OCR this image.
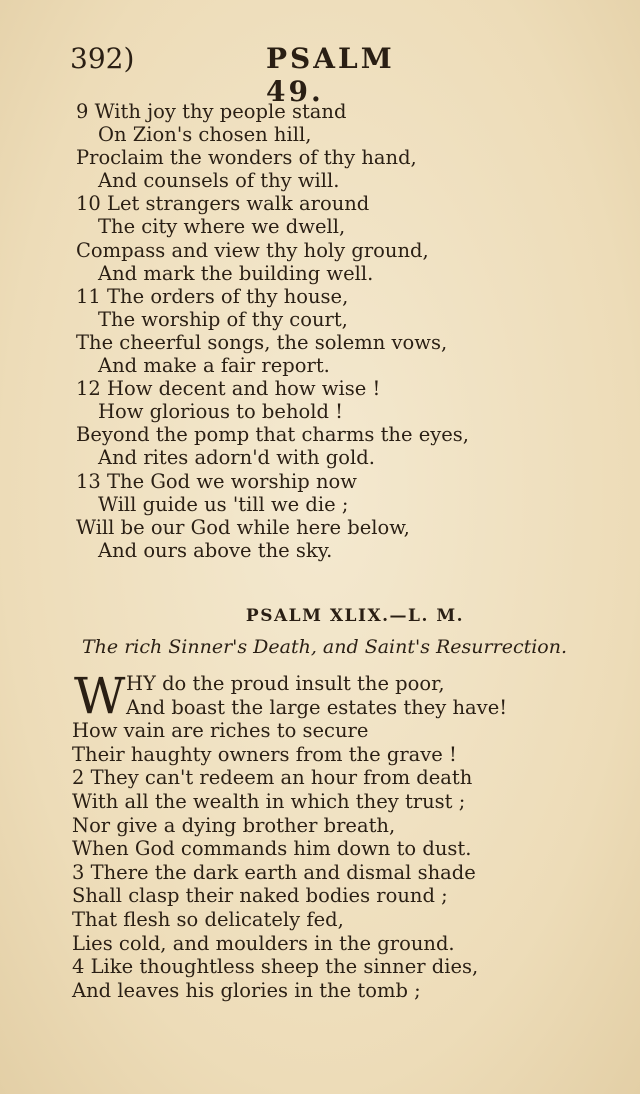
392)	PSALM 49.
9 With joy thy people stand
On Zion's chosen hill,
Proclaim the wonders of thy hand,
And counsels of thy will.
10 Let strangers walk around
The city where we dwell,
Compass and view thy holy ground,
And mark the building well.
11 The orders of thy house,
The worship of thy court,
The cheerful songs, the solemn vows,
And make a fair report.
12 How decent and how wise !
How glorious to behold !
Beyond the pomp that charms the eyes,
And rites adorn'd with gold.
13 The God we worship now
Will guide us 'till we die ;
Will be our God while here below,
And ours above the sky.
PSALM XLIX.—L. M.
The rich Sinner's Death, and Saint's Resurrection.
W HY do the proud insult the poor,
And boast the large estates they have!
How vain are riches to secure
Their haughty owners from the grave !
2 They can't redeem an hour from death
With all the wealth in which they trust ;
Nor give a dying brother breath,
When God commands him down to dust.
3 There the dark earth and dismal shade
Shall clasp their naked bodies round ;
That flesh so delicately fed,
Lies cold, and moulders in the ground.
4 Like thoughtless sheep the sinner dies,
And leaves his glories in the tomb ;
